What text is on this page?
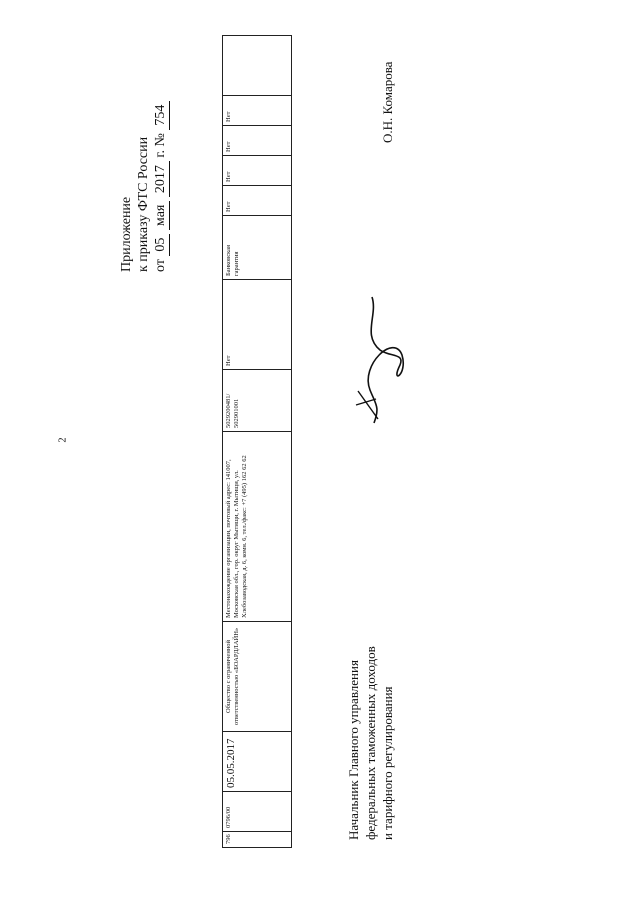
2
Приложение к приказу ФТС России от 05 мая 2017 г. № 754
796	0796/00	05.05.2017	Общество с ограниченной ответственностью «БОАРДЛАЙН»	Местонахождение организации, почтовый адрес: 141007, Московская обл., гор. округ Мытищи, г. Мытищи, ул. Хлебозаводская, д. 6, комн. 6, тел./факс: +7 (495) 162 62 62	5029200481/ 502901001	Нет	Банковская гарантия	Нет	Нет	Нет	Нет	
Начальник Главного управления федеральных таможенных доходов и тарифного регулирования
О.Н. Комарова
